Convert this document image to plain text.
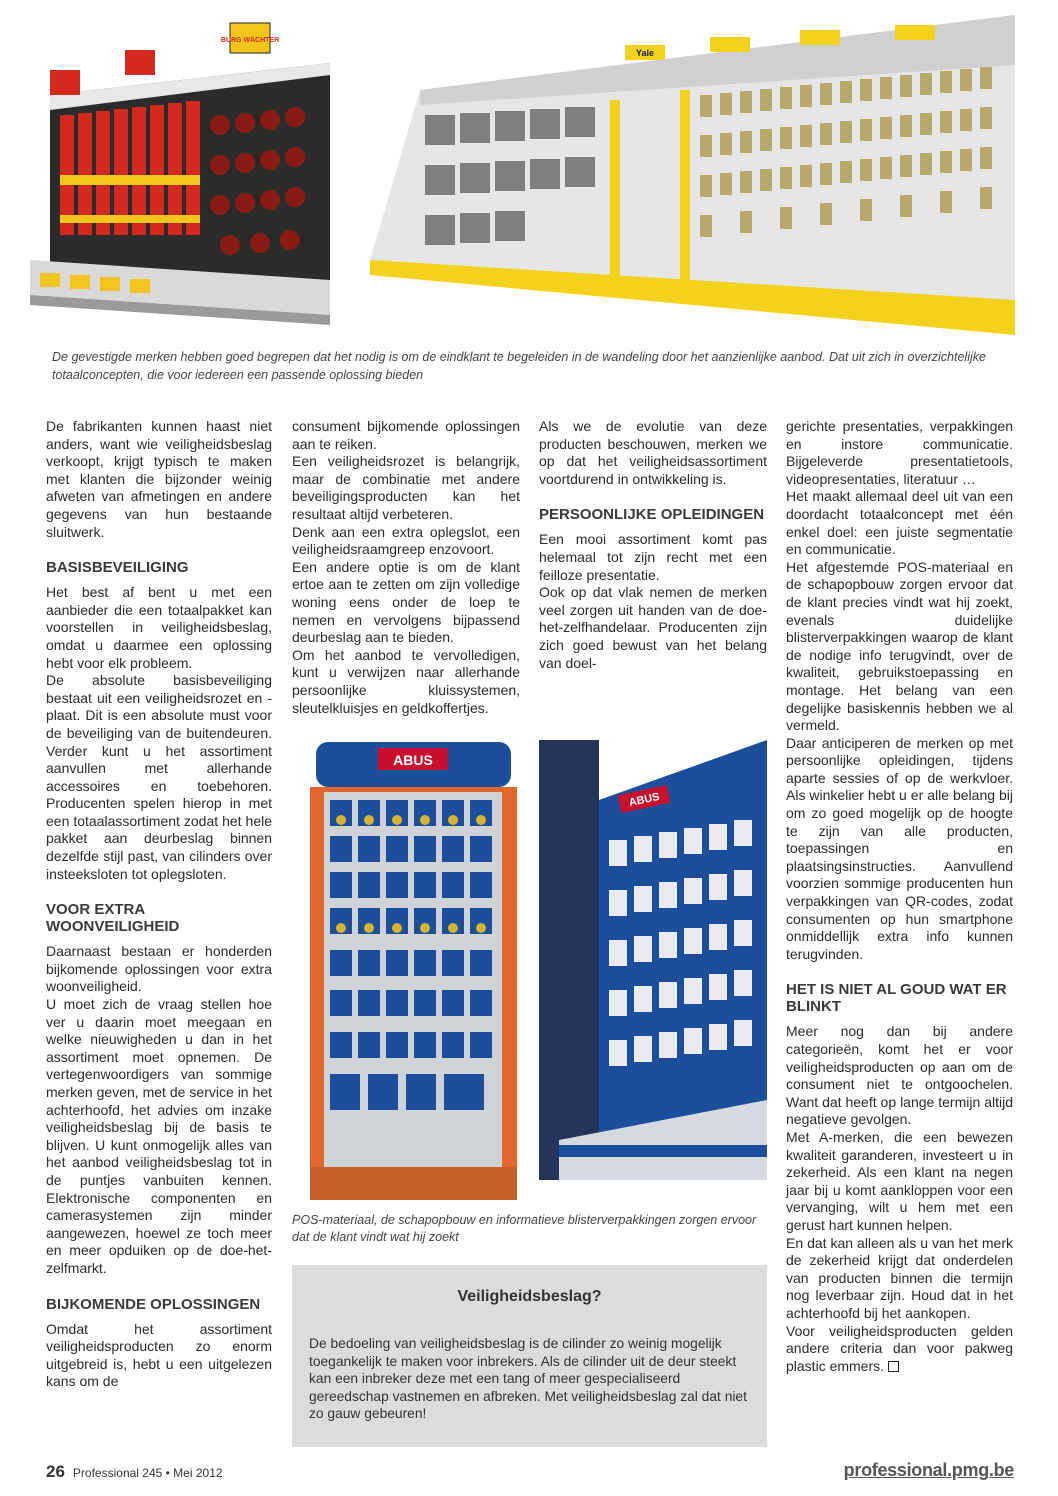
BURG WÄCHTER
Yale
De gevestigde merken hebben goed begrepen dat het nodig is om de eindklant te begeleiden in de wandeling door het aanzienlijke aanbod. Dat uit zich in overzichtelijke totaalconcepten, die voor iedereen een passende oplossing bieden

De fabrikanten kunnen haast niet anders, want wie veiligheidsbeslag verkoopt, krijgt typisch te maken met klanten die bijzonder weinig afweten van afmetingen en andere gegevens van hun bestaande sluitwerk.

BASISBEVEILIGING

Het best af bent u met een aanbieder die een totaalpakket kan voorstellen in veiligheidsbeslag, omdat u daarmee een oplossing hebt voor elk probleem.

De absolute basisbeveiliging bestaat uit een veiligheidsrozet en -plaat. Dit is een absolute must voor de beveiliging van de buitendeuren. Verder kunt u het assortiment aanvullen met allerhande accessoires en toebehoren. Producenten spelen hierop in met een totaalassortiment zodat het hele pakket aan deurbeslag binnen dezelfde stijl past, van cilinders over insteeksloten tot oplegsloten.

VOOR EXTRA WOONVEILIGHEID

Daarnaast bestaan er honderden bijkomende oplossingen voor extra woonveiligheid.

U moet zich de vraag stellen hoe ver u daarin moet meegaan en welke nieuwigheden u dan in het assortiment moet opnemen. De vertegenwoordigers van sommige merken geven, met de service in het achterhoofd, het advies om inzake veiligheidsbeslag bij de basis te blijven. U kunt onmogelijk alles van het aanbod veiligheidsbeslag tot in de puntjes vanbuiten kennen. Elektronische componenten en camerasystemen zijn minder aangewezen, hoewel ze toch meer en meer opduiken op de doe-het-zelfmarkt.

BIJKOMENDE OPLOSSINGEN

Omdat het assortiment veiligheidsproducten zo enorm uitgebreid is, hebt u een uitgelezen kans om de

consument bijkomende oplossingen aan te reiken.

Een veiligheidsrozet is belangrijk, maar de combinatie met andere beveiligingsproducten kan het resultaat altijd verbeteren.

Denk aan een extra oplegslot, een veiligheidsraamgreep enzovoort.

Een andere optie is om de klant ertoe aan te zetten om zijn volledige woning eens onder de loep te nemen en vervolgens bijpassend deurbeslag aan te bieden.

Om het aanbod te vervolledigen, kunt u verwijzen naar allerhande persoonlijke kluissystemen, sleutelkluisjes en geldkoffertjes.

Als we de evolutie van deze producten beschouwen, merken we op dat het veiligheidsassortiment voortdurend in ontwikkeling is.

PERSOONLIJKE OPLEIDINGEN

Een mooi assortiment komt pas helemaal tot zijn recht met een feilloze presentatie.

Ook op dat vlak nemen de merken veel zorgen uit handen van de doe-het-zelfhandelaar. Producenten zijn zich goed bewust van het belang van doel-

gerichte presentaties, verpakkingen en instore communicatie. Bijgeleverde presentatietools, videopresentaties, literatuur …

Het maakt allemaal deel uit van een doordacht totaalconcept met één enkel doel: een juiste segmentatie en communicatie.

Het afgestemde POS-materiaal en de schapopbouw zorgen ervoor dat de klant precies vindt wat hij zoekt, evenals duidelijke blisterverpakkingen waarop de klant de nodige info terugvindt, over de kwaliteit, gebruikstoepassing en montage. Het belang van een degelijke basiskennis hebben we al vermeld.

Daar anticiperen de merken op met persoonlijke opleidingen, tijdens aparte sessies of op de werkvloer. Als winkelier hebt u er alle belang bij om zo goed mogelijk op de hoogte te zijn van alle producten, toepassingen en plaatsingsinstructies. Aanvullend voorzien sommige producenten hun verpakkingen van QR-codes, zodat consumenten op hun smartphone onmiddellijk extra info kunnen terugvinden.

HET IS NIET AL GOUD WAT ER BLINKT

Meer nog dan bij andere categorieën, komt het er voor veiligheidsproducten op aan om de consument niet te ontgoochelen. Want dat heeft op lange termijn altijd negatieve gevolgen.

Met A-merken, die een bewezen kwaliteit garanderen, investeert u in zekerheid. Als een klant na negen jaar bij u komt aankloppen voor een vervanging, wilt u hem met een gerust hart kunnen helpen.

En dat kan alleen als u van het merk de zekerheid krijgt dat onderdelen van producten binnen die termijn nog leverbaar zijn. Houd dat in het achterhoofd bij het aankopen.

Voor veiligheidsproducten gelden andere criteria dan voor pakweg plastic emmers.

ABUS
ABUS
POS-materiaal, de schapopbouw en informatieve blisterverpakkingen zorgen ervoor dat de klant vindt wat hij zoekt
Veiligheidsbeslag?

De bedoeling van veiligheidsbeslag is de cilinder zo weinig mogelijk toegankelijk te maken voor inbrekers. Als de cilinder uit de deur steekt kan een inbreker deze met een tang of meer gespecialiseerd gereedschap vastnemen en afbreken. Met veiligheidsbeslag zal dat niet zo gauw gebeuren!

26 Professional 245 • Mei 2012	professional.pmg.be
